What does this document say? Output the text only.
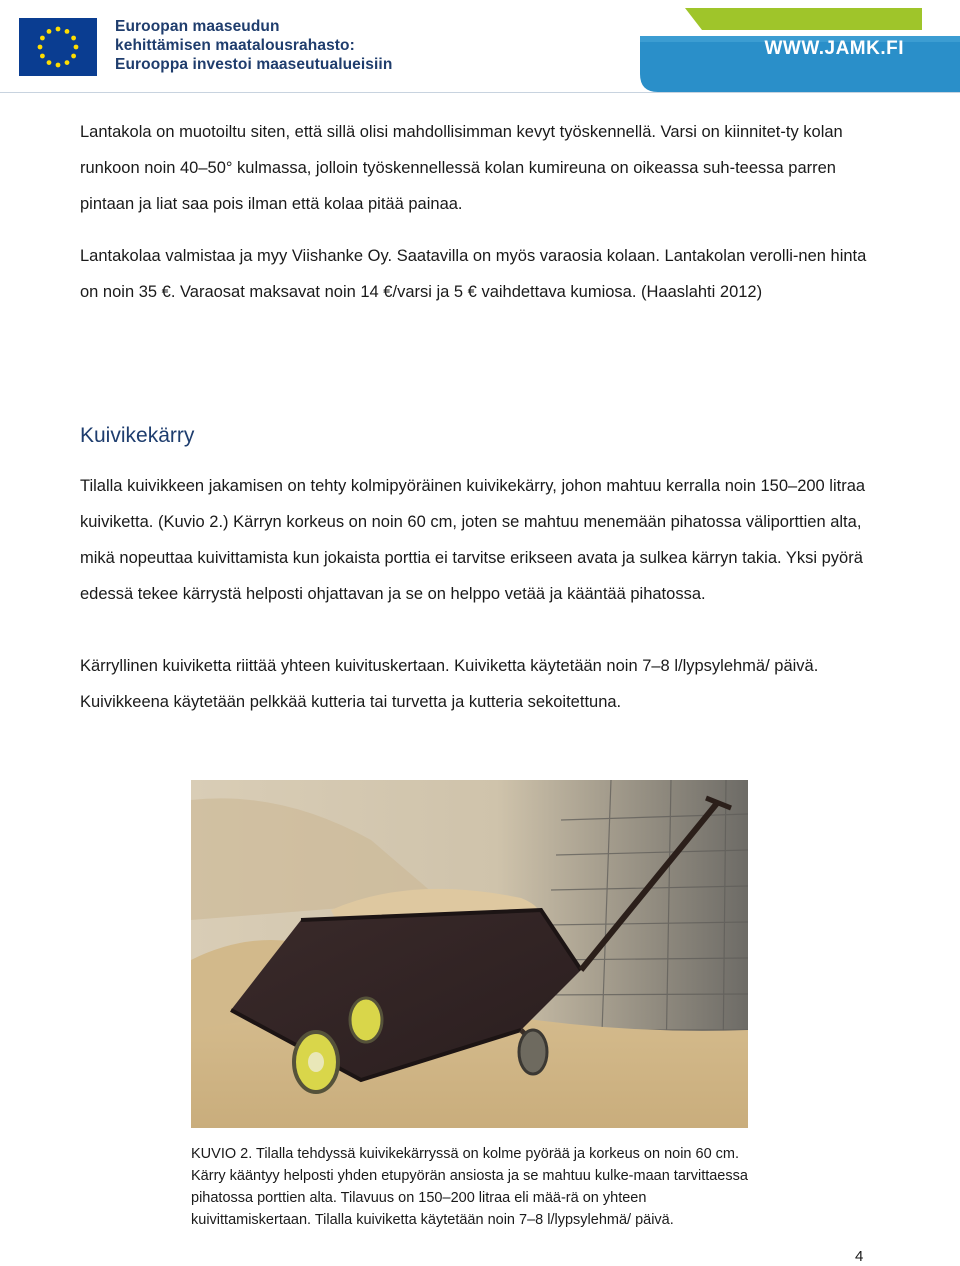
Euroopan maaseudun
kehittämisen maatalousrahasto:
Eurooppa investoi maaseutualueisiin
WWW.JAMK.FI

Lantakola on muotoiltu siten, että sillä olisi mahdollisimman kevyt työskennellä. Varsi on kiinnitet-ty kolan runkoon noin 40–50° kulmassa, jolloin työskennellessä kolan kumireuna on oikeassa suh-teessa parren pintaan ja liat saa pois ilman että kolaa pitää painaa.

Lantakolaa valmistaa ja myy Viishanke Oy. Saatavilla on myös varaosia kolaan. Lantakolan verolli-nen hinta on noin 35 €. Varaosat maksavat noin 14 €/varsi ja 5 € vaihdettava kumiosa. (Haaslahti 2012)

Kuivikekärry

Tilalla kuivikkeen jakamisen on tehty kolmipyöräinen kuivikekärry, johon mahtuu kerralla noin 150–200 litraa kuiviketta. (Kuvio 2.) Kärryn korkeus on noin 60 cm, joten se mahtuu menemään pihatossa väliporttien alta, mikä nopeuttaa kuivittamista kun jokaista porttia ei tarvitse erikseen avata ja sulkea kärryn takia. Yksi pyörä edessä tekee kärrystä helposti ohjattavan ja se on helppo vetää ja kääntää pihatossa.

Kärryllinen kuiviketta riittää yhteen kuivituskertaan. Kuiviketta käytetään noin 7–8 l/lypsylehmä/ päivä. Kuivikkeena käytetään pelkkää kutteria tai turvetta ja kutteria sekoitettuna.

KUVIO 2. Tilalla tehdyssä kuivikekärryssä on kolme pyörää ja korkeus on noin 60 cm. Kärry kääntyy helposti yhden etupyörän ansiosta ja se mahtuu kulke-maan tarvittaessa pihatossa porttien alta. Tilavuus on 150–200 litraa eli mää-rä on yhteen kuivittamiskertaan. Tilalla kuiviketta käytetään noin 7–8 l/lypsylehmä/ päivä.

4
